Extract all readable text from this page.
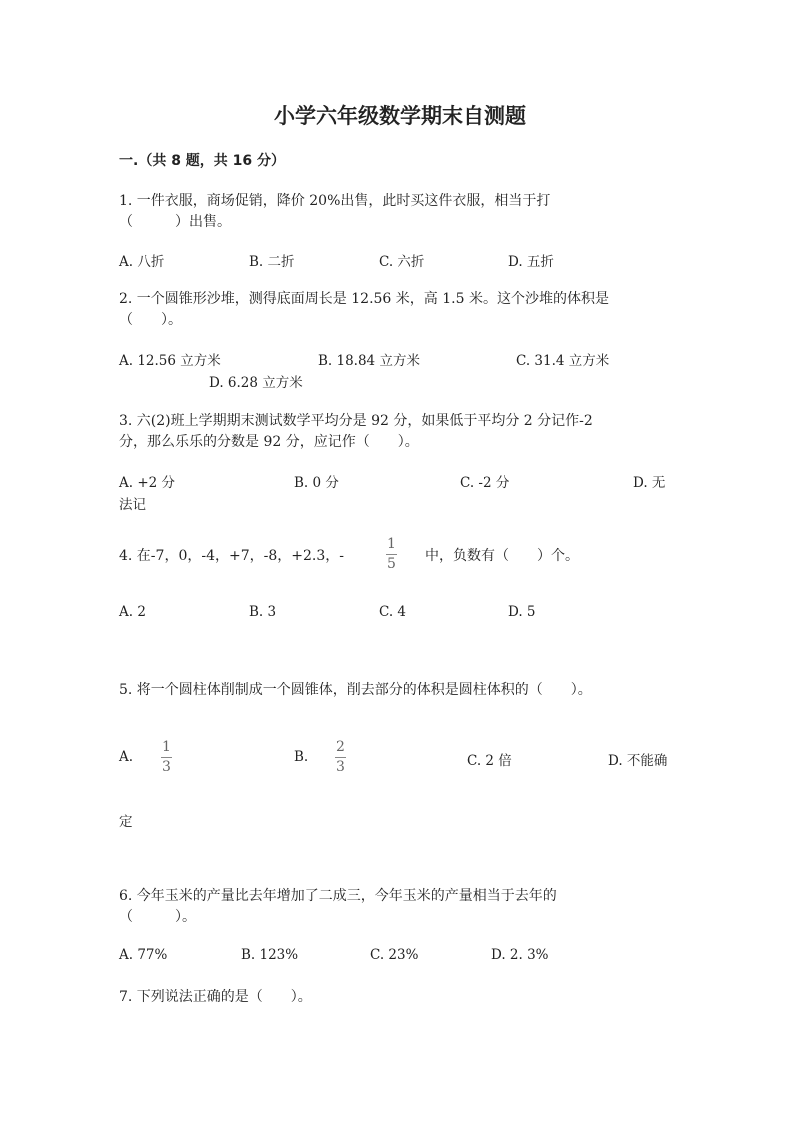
小学六年级数学期末自测题
一.（共 8 题，共 16 分）
1. 一件衣服，商场促销，降价 20%出售，此时买这件衣服，相当于打
（　　　）出售。
A. 八折	B. 二折	C. 六折	D. 五折
2. 一个圆锥形沙堆，测得底面周长是 12.56 米，高 1.5 米。这个沙堆的体积是
（　　）。
A. 12.56 立方米	B. 18.84 立方米	C. 31.4 立方米
D. 6.28 立方米
3. 六(2)班上学期期末测试数学平均分是 92 分，如果低于平均分 2 分记作-2
分，那么乐乐的分数是 92 分，应记作（　　）。
A. +2 分	B. 0 分	C. -2 分	D. 无
法记
4. 在-7，0，-4，+7，-8，+2.3，-
1
5 中，负数有（　　）个。
A. 2	B. 3	C. 4	D. 5
5. 将一个圆柱体削制成一个圆锥体，削去部分的体积是圆柱体积的（　　）。
A.
1
3
B.
2
3	C. 2 倍	D. 不能确
定
6. 今年玉米的产量比去年增加了二成三，今年玉米的产量相当于去年的
（　　　）。
A. 77%	B. 123%	C. 23%	D. 2. 3%
7. 下列说法正确的是（　　）。
